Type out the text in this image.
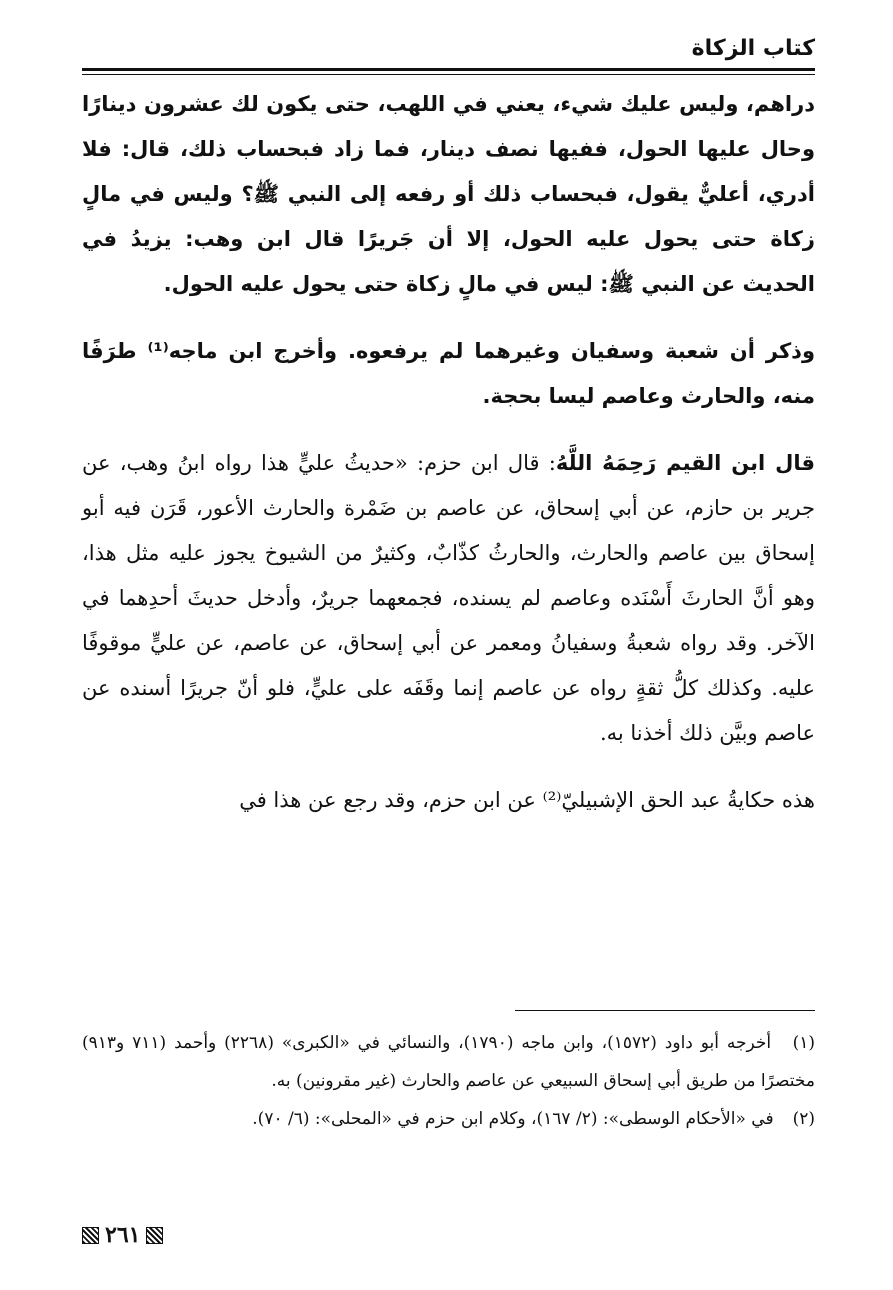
كتاب الزكاة

دراهم، وليس عليك شيء، يعني في اللهب، حتى يكون لك عشرون دينارًا وحال عليها الحول، ففيها نصف دينار، فما زاد فبحساب ذلك، قال: فلا أدري، أعليٌّ يقول، فبحساب ذلك أو رفعه إلى النبي ﷺ؟ وليس في مالٍ زكاة حتى يحول عليه الحول، إلا أن جَريرًا قال ابن وهب: يزيدُ في الحديث عن النبي ﷺ: ليس في مالٍ زكاة حتى يحول عليه الحول.

وذكر أن شعبة وسفيان وغيرهما لم يرفعوه. وأخرج ابن ماجه⁽¹⁾ طرَفًا منه، والحارث وعاصم ليسا بحجة.

قال ابن القيم رَحِمَهُ اللَّهُ: قال ابن حزم: «حديثُ عليٍّ هذا رواه ابنُ وهب، عن جرير بن حازم، عن أبي إسحاق، عن عاصم بن ضَمْرة والحارث الأعور، قَرَن فيه أبو إسحاق بين عاصم والحارث، والحارثُ كذّابٌ، وكثيرٌ من الشيوخ يجوز عليه مثل هذا، وهو أنَّ الحارثَ أَسْنَده وعاصم لم يسنده، فجمعهما جريرٌ، وأدخل حديثَ أحدِهما في الآخر. وقد رواه شعبةُ وسفيانُ ومعمر عن أبي إسحاق، عن عاصم، عن عليٍّ موقوفًا عليه. وكذلك كلُّ ثقةٍ رواه عن عاصم إنما وقَفَه على عليٍّ، فلو أنّ جريرًا أسنده عن عاصم وبيَّن ذلك أخذنا به.

هذه حكايةُ عبد الحق الإشبيليّ⁽²⁾ عن ابن حزم، وقد رجع عن هذا في

(١) أخرجه أبو داود (١٥٧٢)، وابن ماجه (١٧٩٠)، والنسائي في «الكبرى» (٢٢٦٨) وأحمد (٧١١ و٩١٣) مختصرًا من طريق أبي إسحاق السبيعي عن عاصم والحارث (غير مقرونين) به.

(٢) في «الأحكام الوسطى»: (٢/ ١٦٧)، وكلام ابن حزم في «المحلى»: (٦/ ٧٠).

٢٦١
